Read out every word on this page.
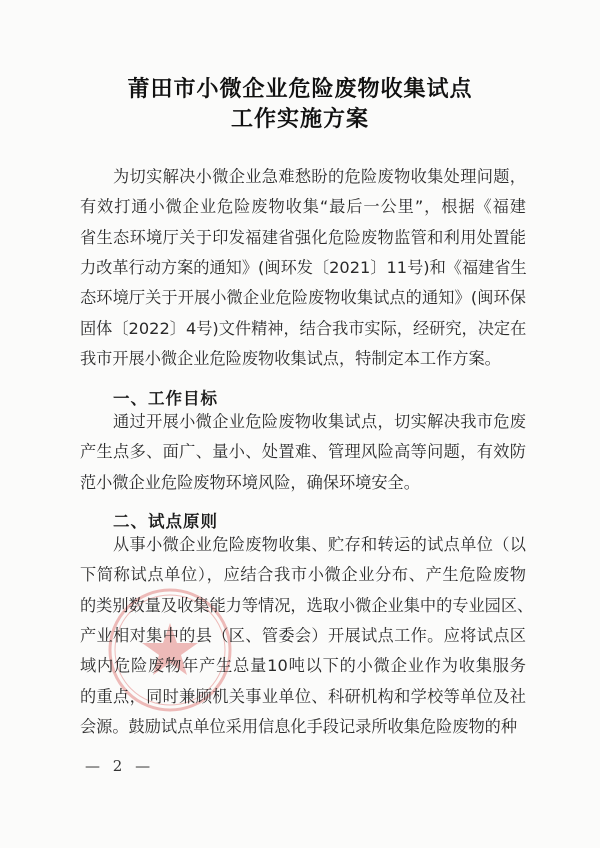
莆田市小微企业危险废物收集试点
工作实施方案
一、工作目标
二、试点原则
— 2 —
为切实解决小微企业急难愁盼的危险废物收集处理问题，
有效打通小微企业危险废物收集“最后一公里”，根据《福建
省生态环境厅关于印发福建省强化危险废物监管和利用处置能
力改革行动方案的通知》(闽环发〔2021〕11号)和《福建省生
态环境厅关于开展小微企业危险废物收集试点的通知》(闽环保
固体〔2022〕4号)文件精神，结合我市实际，经研究，决定在
我市开展小微企业危险废物收集试点，特制定本工作方案。
通过开展小微企业危险废物收集试点，切实解决我市危废
产生点多、面广、量小、处置难、管理风险高等问题，有效防
范小微企业危险废物环境风险，确保环境安全。
从事小微企业危险废物收集、贮存和转运的试点单位（以
下简称试点单位），应结合我市小微企业分布、产生危险废物
的类别数量及收集能力等情况，选取小微企业集中的专业园区、
产业相对集中的县（区、管委会）开展试点工作。应将试点区
域内危险废物年产生总量10吨以下的小微企业作为收集服务
的重点，同时兼顾机关事业单位、科研机构和学校等单位及社
会源。鼓励试点单位采用信息化手段记录所收集危险废物的种
